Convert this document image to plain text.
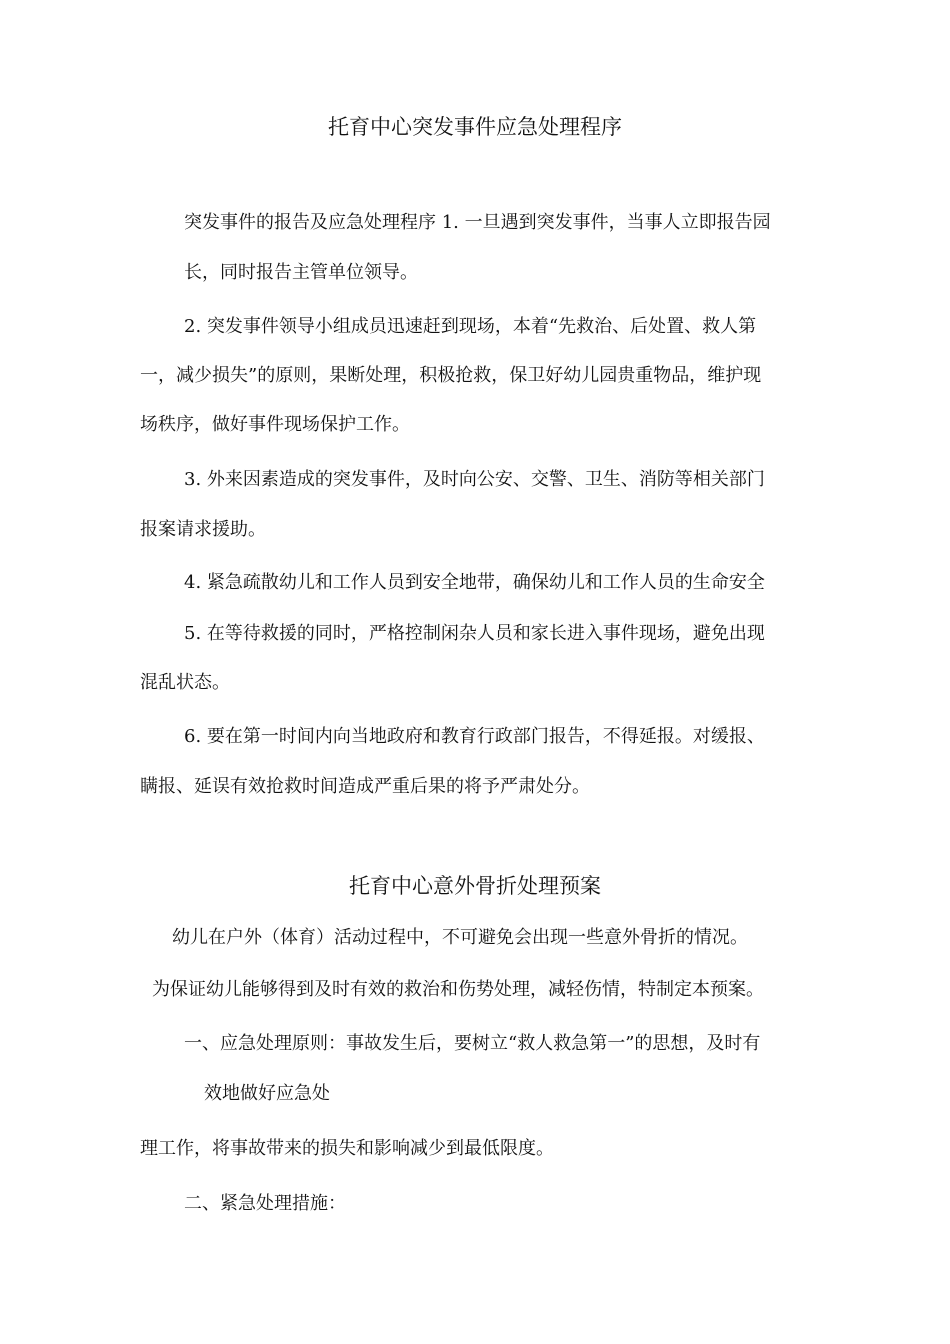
托育中心突发事件应急处理程序

突发事件的报告及应急处理程序 1. 一旦遇到突发事件，当事人立即报告园

长，同时报告主管单位领导。

2. 突发事件领导小组成员迅速赶到现场，本着“先救治、后处置、救人第

一，减少损失”的原则，果断处理，积极抢救，保卫好幼儿园贵重物品，维护现

场秩序，做好事件现场保护工作。

3. 外来因素造成的突发事件，及时向公安、交警、卫生、消防等相关部门

报案请求援助。

4. 紧急疏散幼儿和工作人员到安全地带，确保幼儿和工作人员的生命安全

5. 在等待救援的同时，严格控制闲杂人员和家长进入事件现场，避免出现

混乱状态。

6. 要在第一时间内向当地政府和教育行政部门报告，不得延报。对缓报、

瞒报、延误有效抢救时间造成严重后果的将予严肃处分。

托育中心意外骨折处理预案

幼儿在户外（体育）活动过程中，不可避免会出现一些意外骨折的情况。

为保证幼儿能够得到及时有效的救治和伤势处理，减轻伤情，特制定本预案。

一、应急处理原则：事故发生后，要树立“救人救急第一”的思想，及时有

效地做好应急处

理工作，将事故带来的损失和影响减少到最低限度。

二、紧急处理措施：
